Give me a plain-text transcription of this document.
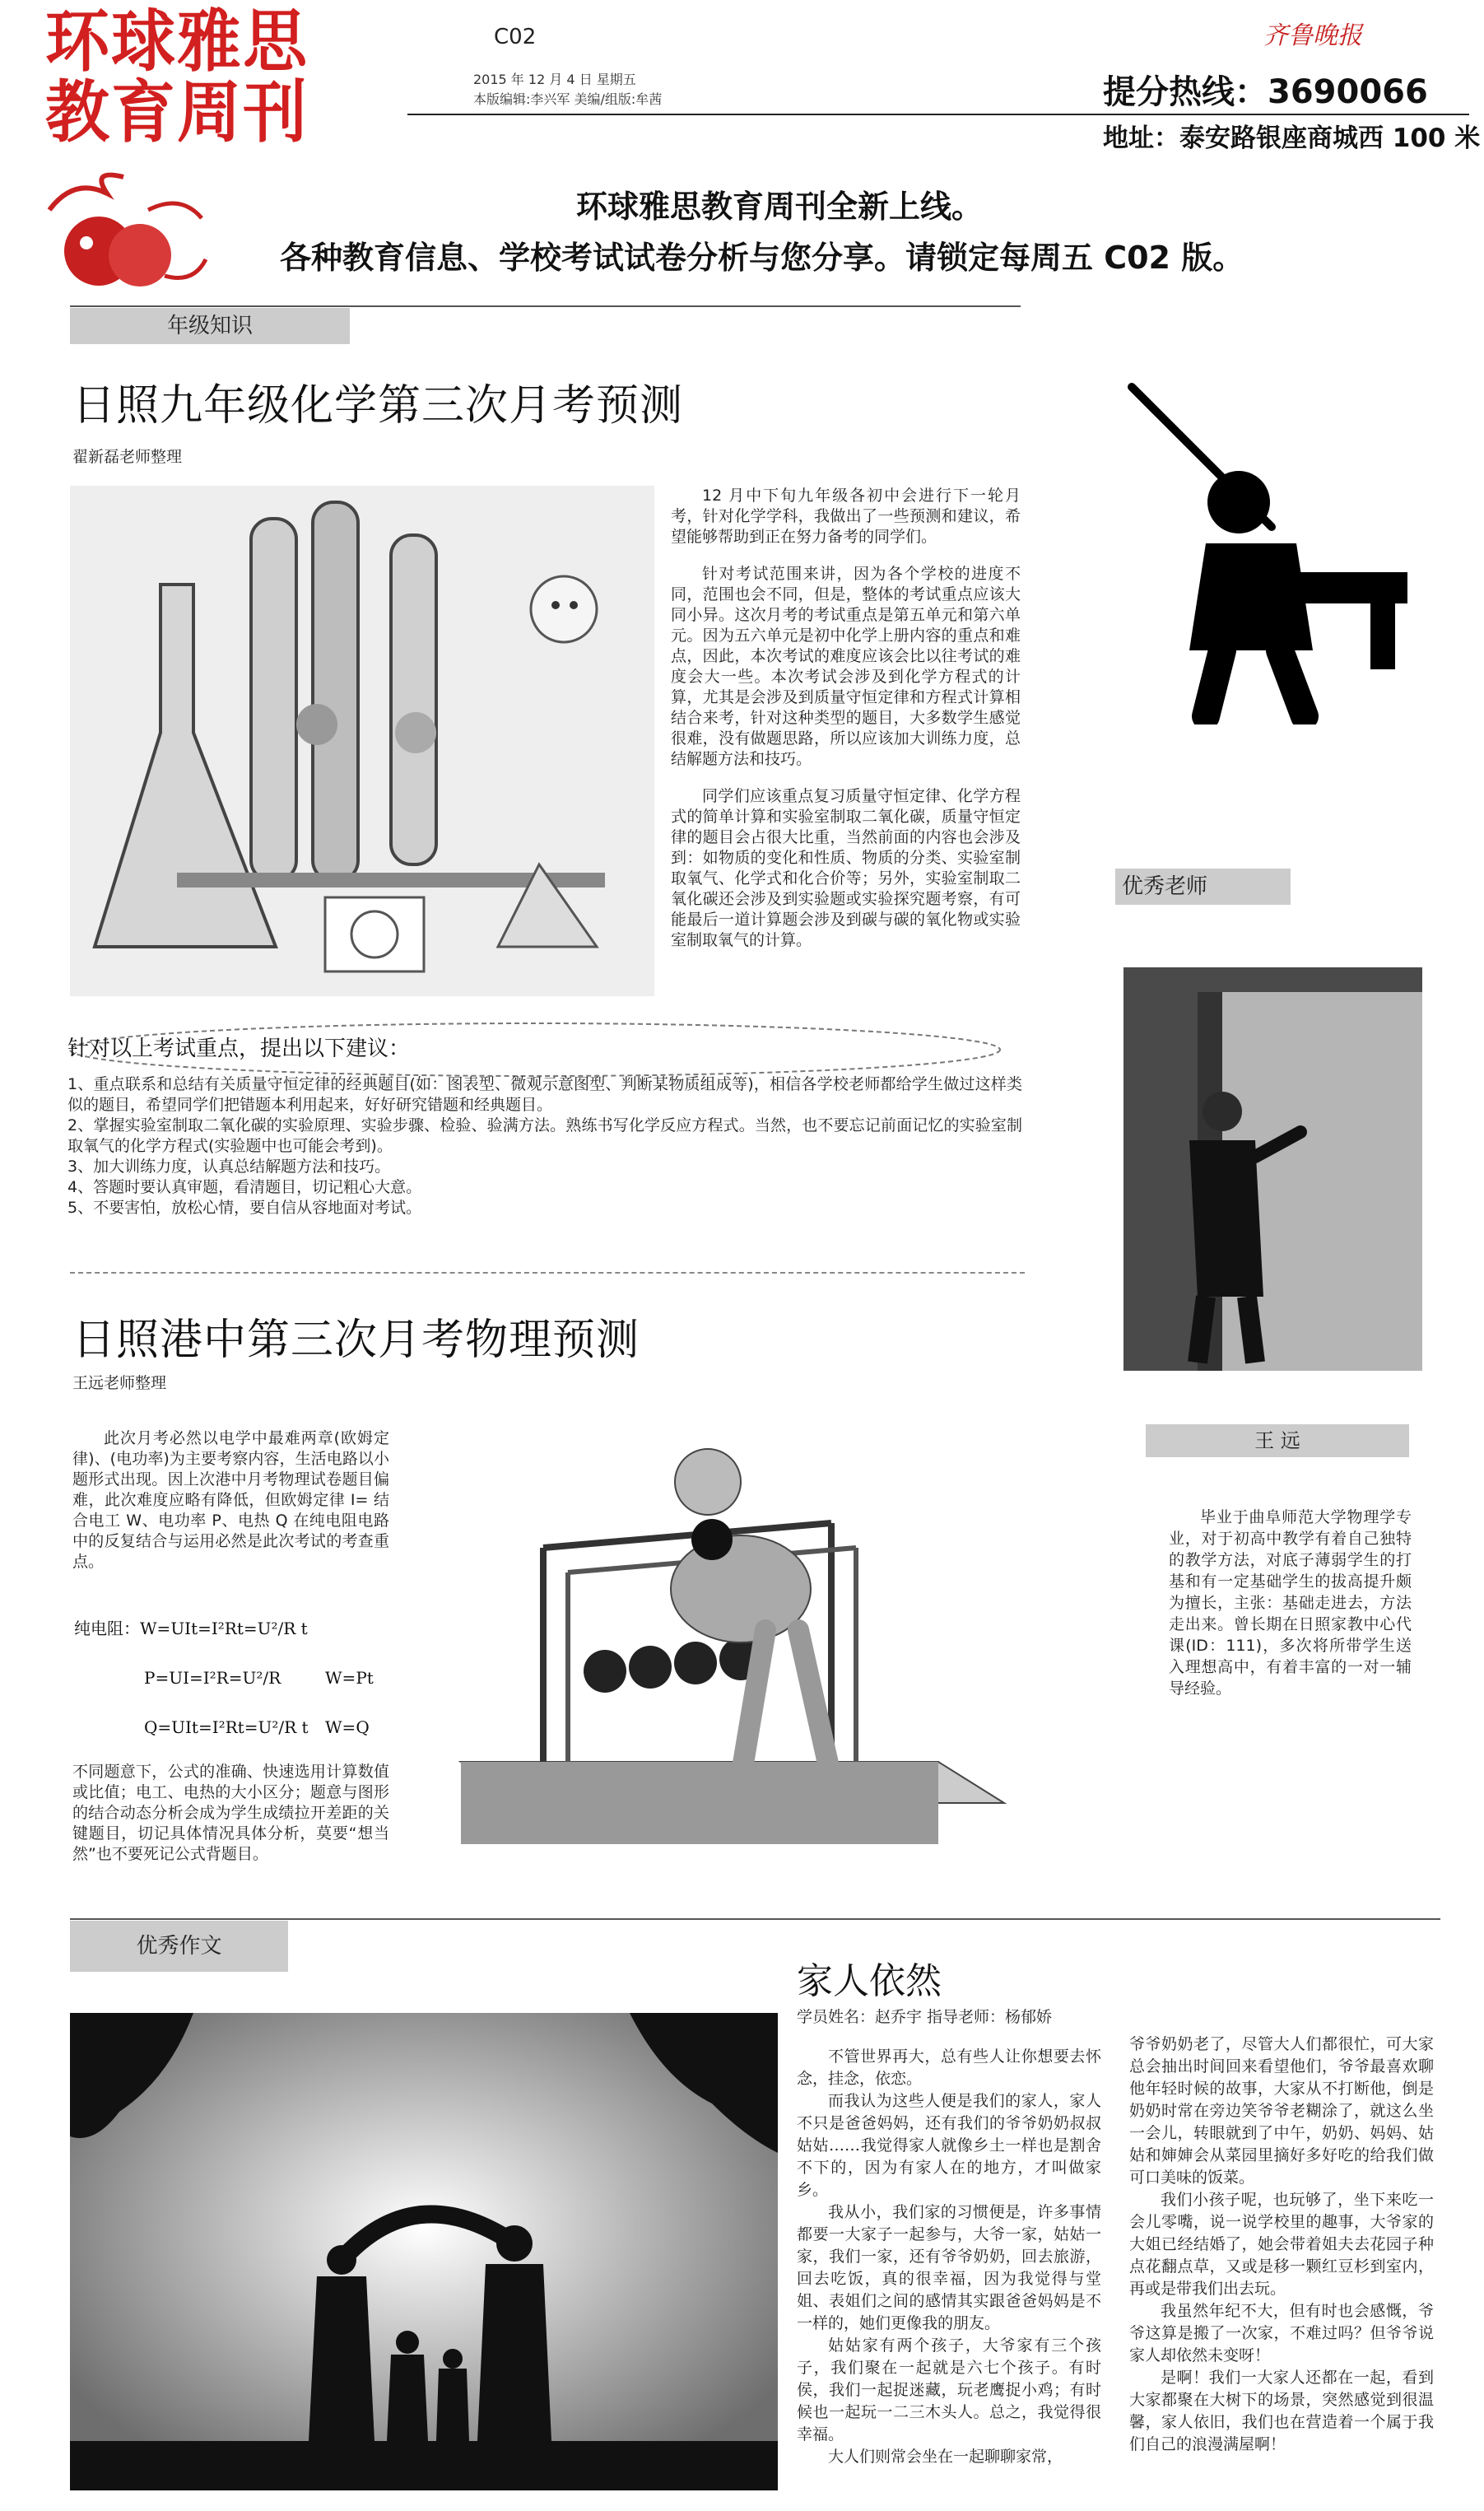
环球雅思
教育周刊
C02
2015 年 12 月 4 日 星期五
本版编辑:李兴军 美编/组版:牟茜
齐鲁晚报
提分热线：3690066
地址：泰安路银座商城西 100 米
环球雅思教育周刊全新上线。
各种教育信息、学校考试试卷分析与您分享。请锁定每周五 C02 版。
年级知识
日照九年级化学第三次月考预测
翟新磊老师整理

12 月中下旬九年级各初中会进行下一轮月考，针对化学学科，我做出了一些预测和建议，希望能够帮助到正在努力备考的同学们。

针对考试范围来讲，因为各个学校的进度不同，范围也会不同，但是，整体的考试重点应该大同小异。这次月考的考试重点是第五单元和第六单元。因为五六单元是初中化学上册内容的重点和难点，因此，本次考试的难度应该会比以往考试的难度会大一些。本次考试会涉及到化学方程式的计算，尤其是会涉及到质量守恒定律和方程式计算相结合来考，针对这种类型的题目，大多数学生感觉很难，没有做题思路，所以应该加大训练力度，总结解题方法和技巧。

同学们应该重点复习质量守恒定律、化学方程式的简单计算和实验室制取二氧化碳，质量守恒定律的题目会占很大比重，当然前面的内容也会涉及到：如物质的变化和性质、物质的分类、实验室制取氧气、化学式和化合价等；另外，实验室制取二氧化碳还会涉及到实验题或实验探究题考察，有可能最后一道计算题会涉及到碳与碳的氧化物或实验室制取氧气的计算。

针对以上考试重点，提出以下建议：
1、重点联系和总结有关质量守恒定律的经典题目(如：图表型、微观示意图型、判断某物质组成等)，相信各学校老师都给学生做过这样类似的题目，希望同学们把错题本利用起来，好好研究错题和经典题目。
2、掌握实验室制取二氧化碳的实验原理、实验步骤、检验、验满方法。熟练书写化学反应方程式。当然，也不要忘记前面记忆的实验室制取氧气的化学方程式(实验题中也可能会考到)。
3、加大训练力度，认真总结解题方法和技巧。
4、答题时要认真审题，看清题目，切记粗心大意。
5、不要害怕，放松心情，要自信从容地面对考试。
日照港中第三次月考物理预测
王远老师整理

此次月考必然以电学中最难两章(欧姆定律)、(电功率)为主要考察内容，生活电路以小题形式出现。因上次港中月考物理试卷题目偏难，此次难度应略有降低，但欧姆定律 I= 结合电工 W、电功率 P、电热 Q 在纯电阻电路中的反复结合与运用必然是此次考试的考查重点。

纯电阻：W=UIt=I²Rt=U²/R t
P=UI=I²R=U²/R	W=Pt
Q=UIt=I²Rt=U²/R t W=Q
不同题意下，公式的准确、快速选用计算数值或比值；电工、电热的大小区分；题意与图形的结合动态分析会成为学生成绩拉开差距的关键题目，切记具体情况具体分析，莫要“想当然”也不要死记公式背题目。
优秀老师
王 远

毕业于曲阜师范大学物理学专业，对于初高中教学有着自己独特的教学方法，对底子薄弱学生的打基和有一定基础学生的拔高提升颇为擅长，主张：基础走进去，方法走出来。曾长期在日照家教中心代课(ID：111)，多次将所带学生送入理想高中，有着丰富的一对一辅导经验。

优秀作文
家人依然
学员姓名：赵乔宇 指导老师：杨郁娇

不管世界再大，总有些人让你想要去怀念，挂念，依恋。

而我认为这些人便是我们的家人，家人不只是爸爸妈妈，还有我们的爷爷奶奶叔叔姑姑……我觉得家人就像乡土一样也是割舍不下的，因为有家人在的地方，才叫做家乡。

我从小，我们家的习惯便是，许多事情都要一大家子一起参与，大爷一家，姑姑一家，我们一家，还有爷爷奶奶，回去旅游，回去吃饭，真的很幸福，因为我觉得与堂姐、表姐们之间的感情其实跟爸爸妈妈是不一样的，她们更像我的朋友。

姑姑家有两个孩子，大爷家有三个孩子，我们聚在一起就是六七个孩子。有时侯，我们一起捉迷藏，玩老鹰捉小鸡；有时候也一起玩一二三木头人。总之，我觉得很幸福。

大人们则常会坐在一起聊聊家常，

爷爷奶奶老了，尽管大人们都很忙，可大家总会抽出时间回来看望他们，爷爷最喜欢聊他年轻时候的故事，大家从不打断他，倒是奶奶时常在旁边笑爷爷老糊涂了，就这么坐一会儿，转眼就到了中午，奶奶、妈妈、姑姑和婶婶会从菜园里摘好多好吃的给我们做可口美味的饭菜。

我们小孩子呢，也玩够了，坐下来吃一会儿零嘴，说一说学校里的趣事，大爷家的大姐已经结婚了，她会带着姐夫去花园子种点花翻点草，又或是移一颗红豆杉到室内，再或是带我们出去玩。

我虽然年纪不大，但有时也会感慨，爷爷这算是搬了一次家，不难过吗？但爷爷说家人却依然未变呀！

是啊！我们一大家人还都在一起，看到大家都聚在大树下的场景，突然感觉到很温馨，家人依旧，我们也在营造着一个属于我们自己的浪漫满屋啊！
